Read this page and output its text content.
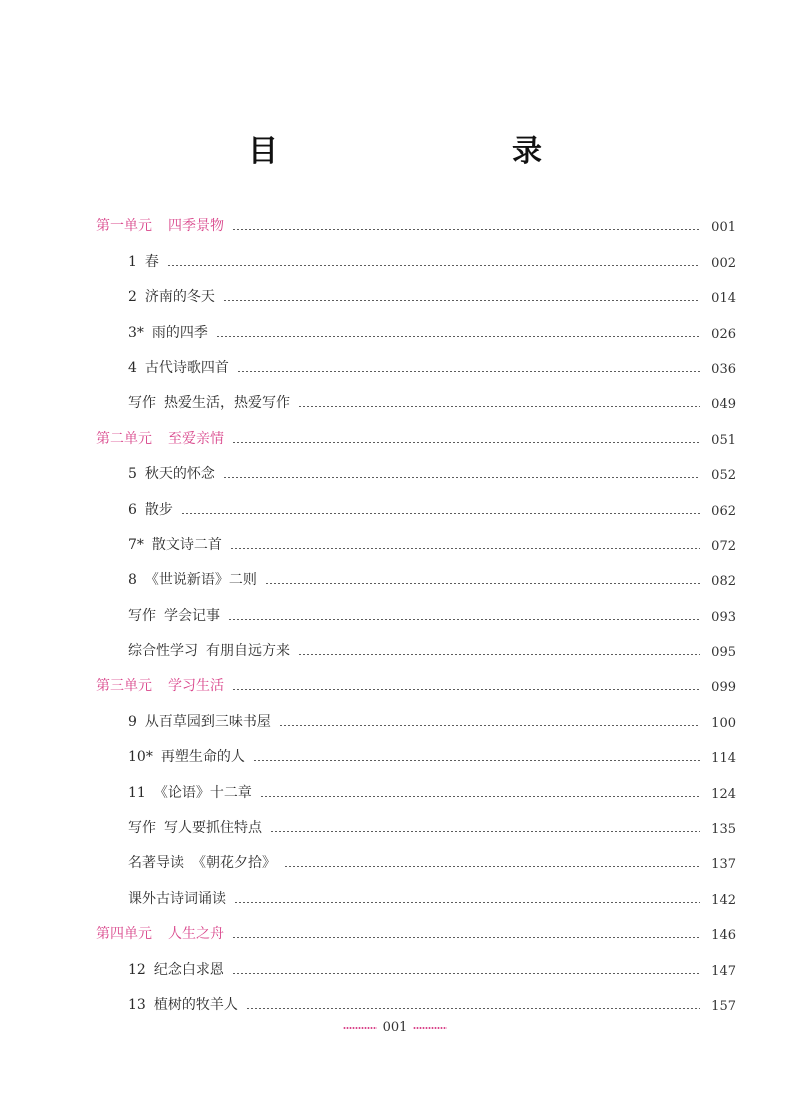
目　　录
第一单元 四季景物	001
1 春	002
2 济南的冬天	014
3* 雨的四季	026
4 古代诗歌四首	036
写作 热爱生活，热爱写作	049
第二单元 至爱亲情	051
5 秋天的怀念	052
6 散步	062
7* 散文诗二首	072
8 《世说新语》二则	082
写作 学会记事	093
综合性学习 有朋自远方来	095
第三单元 学习生活	099
9 从百草园到三味书屋	100
10* 再塑生命的人	114
11 《论语》十二章	124
写作 写人要抓住特点	135
名著导读 《朝花夕拾》	137
课外古诗词诵读	142
第四单元 人生之舟	146
12 纪念白求恩	147
13 植树的牧羊人	157
001
